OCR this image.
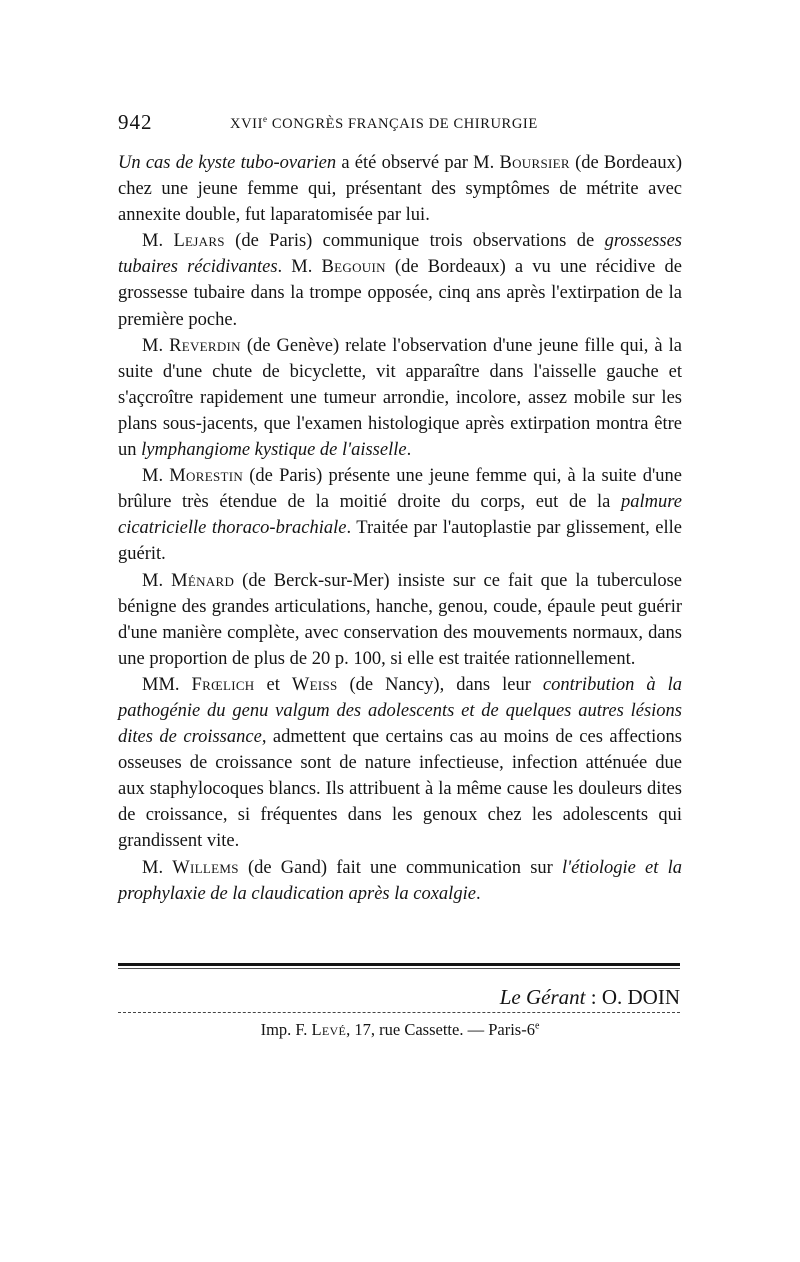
942	XVIIe CONGRÈS FRANÇAIS DE CHIRURGIE

Un cas de kyste tubo-ovarien a été observé par M. Boursier (de Bordeaux) chez une jeune femme qui, présentant des symptômes de métrite avec annexite double, fut laparatomisée par lui.

M. Lejars (de Paris) communique trois observations de grossesses tubaires récidivantes. M. Begouin (de Bordeaux) a vu une récidive de grossesse tubaire dans la trompe opposée, cinq ans après l'extirpation de la première poche.

M. Reverdin (de Genève) relate l'observation d'une jeune fille qui, à la suite d'une chute de bicyclette, vit apparaître dans l'aisselle gauche et s'açcroître rapidement une tumeur arrondie, incolore, assez mobile sur les plans sous-jacents, que l'examen histologique après extirpation montra être un lymphangiome kystique de l'aisselle.

M. Morestin (de Paris) présente une jeune femme qui, à la suite d'une brûlure très étendue de la moitié droite du corps, eut de la palmure cicatricielle thoraco-brachiale. Traitée par l'autoplastie par glissement, elle guérit.

M. Ménard (de Berck-sur-Mer) insiste sur ce fait que la tuberculose bénigne des grandes articulations, hanche, genou, coude, épaule peut guérir d'une manière complète, avec conservation des mouvements normaux, dans une proportion de plus de 20 p. 100, si elle est traitée rationnellement.

MM. Frœlich et Weiss (de Nancy), dans leur contribution à la pathogénie du genu valgum des adolescents et de quelques autres lésions dites de croissance, admettent que certains cas au moins de ces affections osseuses de croissance sont de nature infectieuse, infection atténuée due aux staphylocoques blancs. Ils attribuent à la même cause les douleurs dites de croissance, si fréquentes dans les genoux chez les adolescents qui grandissent vite.

M. Willems (de Gand) fait une communication sur l'étiologie et la prophylaxie de la claudication après la coxalgie.

Le Gérant : O. DOIN
Imp. F. Levé, 17, rue Cassette. — Paris-6e
